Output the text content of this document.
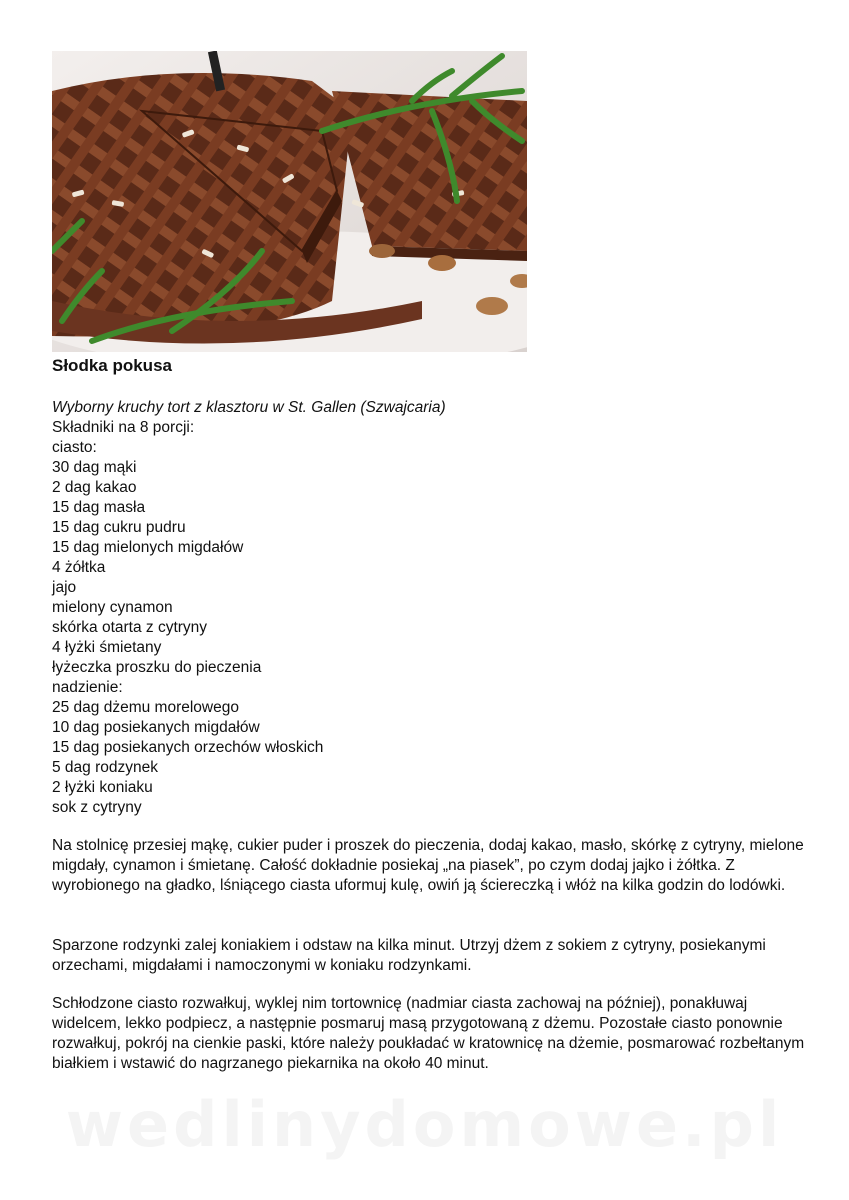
Słodka pokusa

Wyborny kruchy tort z klasztoru w St. Gallen (Szwajcaria)

Składniki na 8 porcji:
ciasto:
30 dag mąki
2 dag kakao
15 dag masła
15 dag cukru pudru
15 dag mielonych migdałów
4 żółtka
jajo
mielony cynamon
skórka otarta z cytryny
4 łyżki śmietany
łyżeczka proszku do pieczenia
nadzienie:
25 dag dżemu morelowego
10 dag posiekanych migdałów
15 dag posiekanych orzechów włoskich
5 dag rodzynek
2 łyżki koniaku
sok z cytryny

Na stolnicę przesiej mąkę, cukier puder i proszek do pieczenia, dodaj kakao, masło, skórkę z cytryny, mielone migdały, cynamon i śmietanę. Całość dokładnie posiekaj „na piasek”, po czym dodaj jajko i żółtka. Z wyrobionego na gładko, lśniącego ciasta uformuj kulę, owiń ją ściereczką i włóż na kilka godzin do lodówki.

Sparzone rodzynki zalej koniakiem i odstaw na kilka minut. Utrzyj dżem z sokiem z cytryny, posiekanymi orzechami, migdałami i namoczonymi w koniaku rodzynkami.

Schłodzone ciasto rozwałkuj, wyklej nim tortownicę (nadmiar ciasta zachowaj na później), ponakłuwaj widelcem, lekko podpiecz, a następnie posmaruj masą przygotowaną z dżemu. Pozostałe ciasto ponownie rozwałkuj, pokrój na cienkie paski, które należy poukładać w kratownicę na dżemie, posmarować rozbełtanym białkiem i wstawić do nagrzanego piekarnika na około 40 minut.

wedlinydomowe.pl
